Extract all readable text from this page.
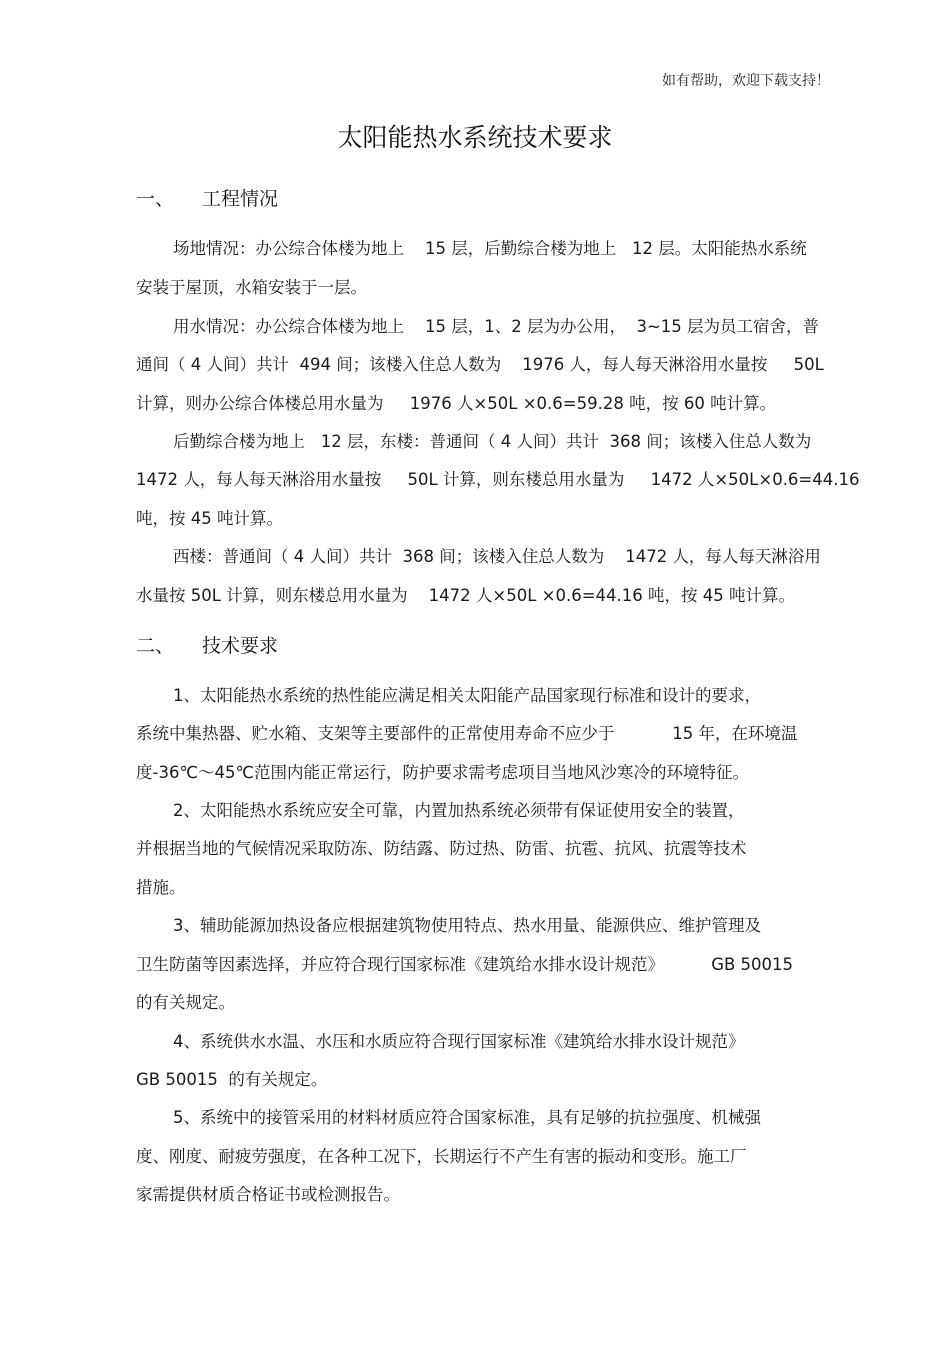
如有帮助，欢迎下载支持！
太阳能热水系统技术要求
一、 工程情况
场地情况：办公综合体楼为地上    15 层，后勤综合楼为地上   12 层。太阳能热水系统
安装于屋顶，水箱安装于一层。
用水情况：办公综合体楼为地上    15 层，1、2 层为办公用，  3~15 层为员工宿舍，普
通间（ 4 人间）共计  494 间；该楼入住总人数为    1976 人，每人每天淋浴用水量按     50L
计算，则办公综合体楼总用水量为     1976 人×50L ×0.6=59.28 吨，按 60 吨计算。
后勤综合楼为地上   12 层，东楼：普通间（ 4 人间）共计  368 间；该楼入住总人数为
1472 人，每人每天淋浴用水量按     50L 计算，则东楼总用水量为     1472 人×50L×0.6=44.16
吨，按 45 吨计算。
西楼：普通间（ 4 人间）共计  368 间；该楼入住总人数为    1472 人，每人每天淋浴用
水量按 50L 计算，则东楼总用水量为    1472 人×50L ×0.6=44.16 吨，按 45 吨计算。
二、 技术要求
1、太阳能热水系统的热性能应满足相关太阳能产品国家现行标准和设计的要求，
系统中集热器、贮水箱、支架等主要部件的正常使用寿命不应少于           15 年，在环境温
度-36℃～45℃范围内能正常运行，防护要求需考虑项目当地风沙寒冷的环境特征。
2、太阳能热水系统应安全可靠，内置加热系统必须带有保证使用安全的装置，
并根据当地的气候情况采取防冻、防结露、防过热、防雷、抗雹、抗风、抗震等技术
措施。
3、辅助能源加热设备应根据建筑物使用特点、热水用量、能源供应、维护管理及
卫生防菌等因素选择，并应符合现行国家标准《建筑给水排水设计规范》         GB 50015
的有关规定。
4、系统供水水温、水压和水质应符合现行国家标准《建筑给水排水设计规范》
GB 50015  的有关规定。
5、系统中的接管采用的材料材质应符合国家标准，具有足够的抗拉强度、机械强
度、刚度、耐疲劳强度，在各种工况下，长期运行不产生有害的振动和变形。施工厂
家需提供材质合格证书或检测报告。
